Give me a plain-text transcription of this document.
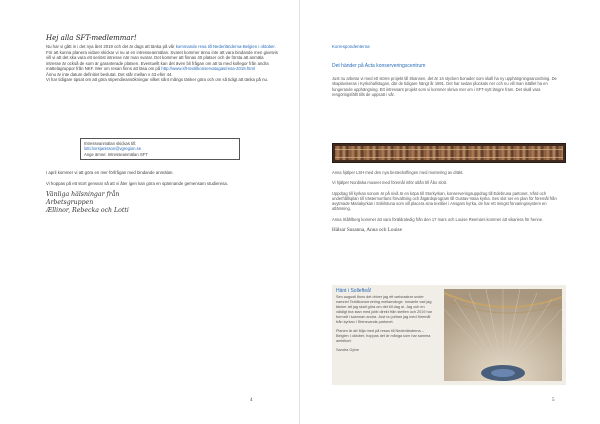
Hej alla SFT-medlemmar!

Nu har vi gått in i det nya året 2019 och det är dags att tänka på vår kommande resa till Nederländerna-Belgien i oktober.

För att kunna planera vidare skickar vi nu ut en intresseanmälan. Svaret kommer ännu inte att vara bindande men givetvis vill vi att det ska vara ett seriöst intresse när man svarar. Det kommer att finnas 40 platser och de första att anmäla intresse är också de som är garanterade platsen. Eventuellt kan det även bli frågan om att ta med kollegor från andra mattelagruppor från NKF. Mer om resan finns att läsa om på http://www.sft-textilkonservatogas/resa-2019.html

Ännu är inte datum definitivt beslutat. Det står mellan v 43 eller 44.

Vi har tidigare tipsat om att göra stipendieansökningar vilket sånt mångs tänker göra och om så tidigt att tänka på nu.

Intresseanmälan skickas till:

lotti.horsjanisson@vgregion.se

Ange ämne: Intresseanmälan SFT

I april kommer vi att göra en mer förfrågan med bindande anmälan.

Vi hoppas på ett stort gensvar så att vi åter igen kan göra en spännande gemensam studieresa.

Vänliga hälsningar från
Arbetsgruppen
Ællinor, Rebecka och Lotti
4
Korrespondenterna
Det händer på Acta konserveringscentrum

Just nu arbetar vi med ett större projekt till Skansen, det är 16 stycken bonader som skall ha ny upphängningsanordning. De skaplaviseras i Kyrkohallstugan, där de tidigare hängt år 1891. Det har sedan plockats ner och nu vill man istället ha en fungerande upphängning. Ett intressant projekt som vi kommer skriva mer om i SFT-nytt längre fram. Det skall vara rengöringsfällt tills de uppsatt i vår.

Anna hjälper LSH med den nya bestecksflingen med montering av dräkt.

Vi hjälper Nordiska museet med föremål inför utlån till Åbo slott.

Uppdrag till kyrkan sonom är på nivå är en köpa till Storkyrkan, konserveringsuppdrag till Edebruna partonet, Vård och underhållsplan till Västernorrlans förvaltning och åtgärdsprogram till Gustav-Vasa kyrka. Ses slot ser en plan för föremål från avytmade Mariakyrkan i Eskilstuna som vill placera sina textilier i Ansgars kyrka, de har ett mingst förvaringssystem en utlämning.

Anna Ståhlberg kommer att vara föräldraledig från den 17 mars och Louise Reemars kommer att vikariera för henne.

Hälsar Susanna, Anna och Louise
Hänt i Sollefteå!

Sen augusti finns det driver jag ett webcastrar under namnet Textilkonservering mellanvänge. Inmarlle vad jag tänker att jag skall göra om det till dag ai. Jag och en väldigt bra stan med jobb direkt från stetten och 2019 har formatt i samman andra. Just nu jobbar jag med föremål från kyrkan i Stensvands partonet.

Planen är att följa med på resan till Nederländerna – Belgien i oktober, hoppas det är många som har samma ambition!

Sandra Gylve

5
